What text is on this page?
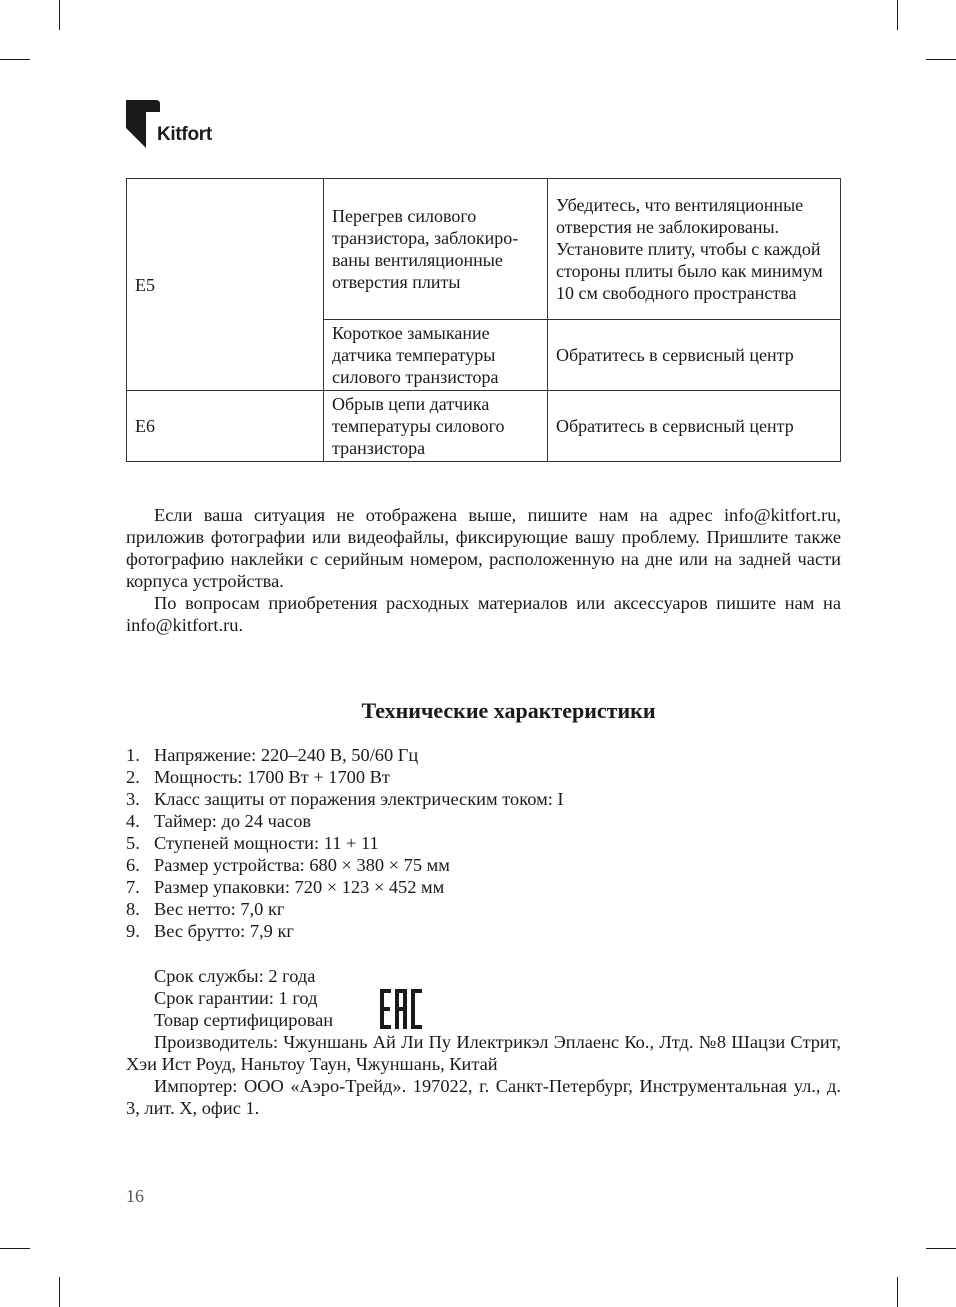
Kitfort
E5	Перегрев силового транзистора, заблокиро-ваны вентиляционные отверстия плиты	Убедитесь, что вентиляционные отверстия не заблокированы. Установите плиту, чтобы с каждой стороны плиты было как минимум 10 см свободного пространства
	Короткое замыкание датчика температуры силового транзистора	Обратитесь в сервисный центр
E6	Обрыв цепи датчика температуры силового транзистора	Обратитесь в сервисный центр
Если ваша ситуация не отображена выше, пишите нам на адрес info@kitfort.ru, приложив фотографии или видеофайлы, фиксирующие вашу проблему. Пришлите также фотографию наклейки с серийным номером, расположенную на дне или на задней части корпуса устройства.
По вопросам приобретения расходных материалов или аксессуаров пишите нам на info@kitfort.ru.
Технические характеристики
1. Напряжение: 220–240 В, 50/60 Гц
2. Мощность: 1700 Вт + 1700 Вт
3. Класс защиты от поражения электрическим током: I
4. Таймер: до 24 часов
5. Ступеней мощности: 11 + 11
6. Размер устройства: 680 × 380 × 75 мм
7. Размер упаковки: 720 × 123 × 452 мм
8. Вес нетто: 7,0 кг
9. Вес брутто: 7,9 кг
Срок службы: 2 года
Срок гарантии: 1 год
Товар сертифицирован
Производитель: Чжуншань Ай Ли Пу Илектрикэл Эплаенс Ко., Лтд. №8 Шацзи Стрит, Хэи Ист Роуд, Наньтоу Таун, Чжуншань, Китай
Импортер: ООО «Аэро-Трейд». 197022, г. Санкт-Петербург, Инструментальная ул., д. 3, лит. Х, офис 1.
16
